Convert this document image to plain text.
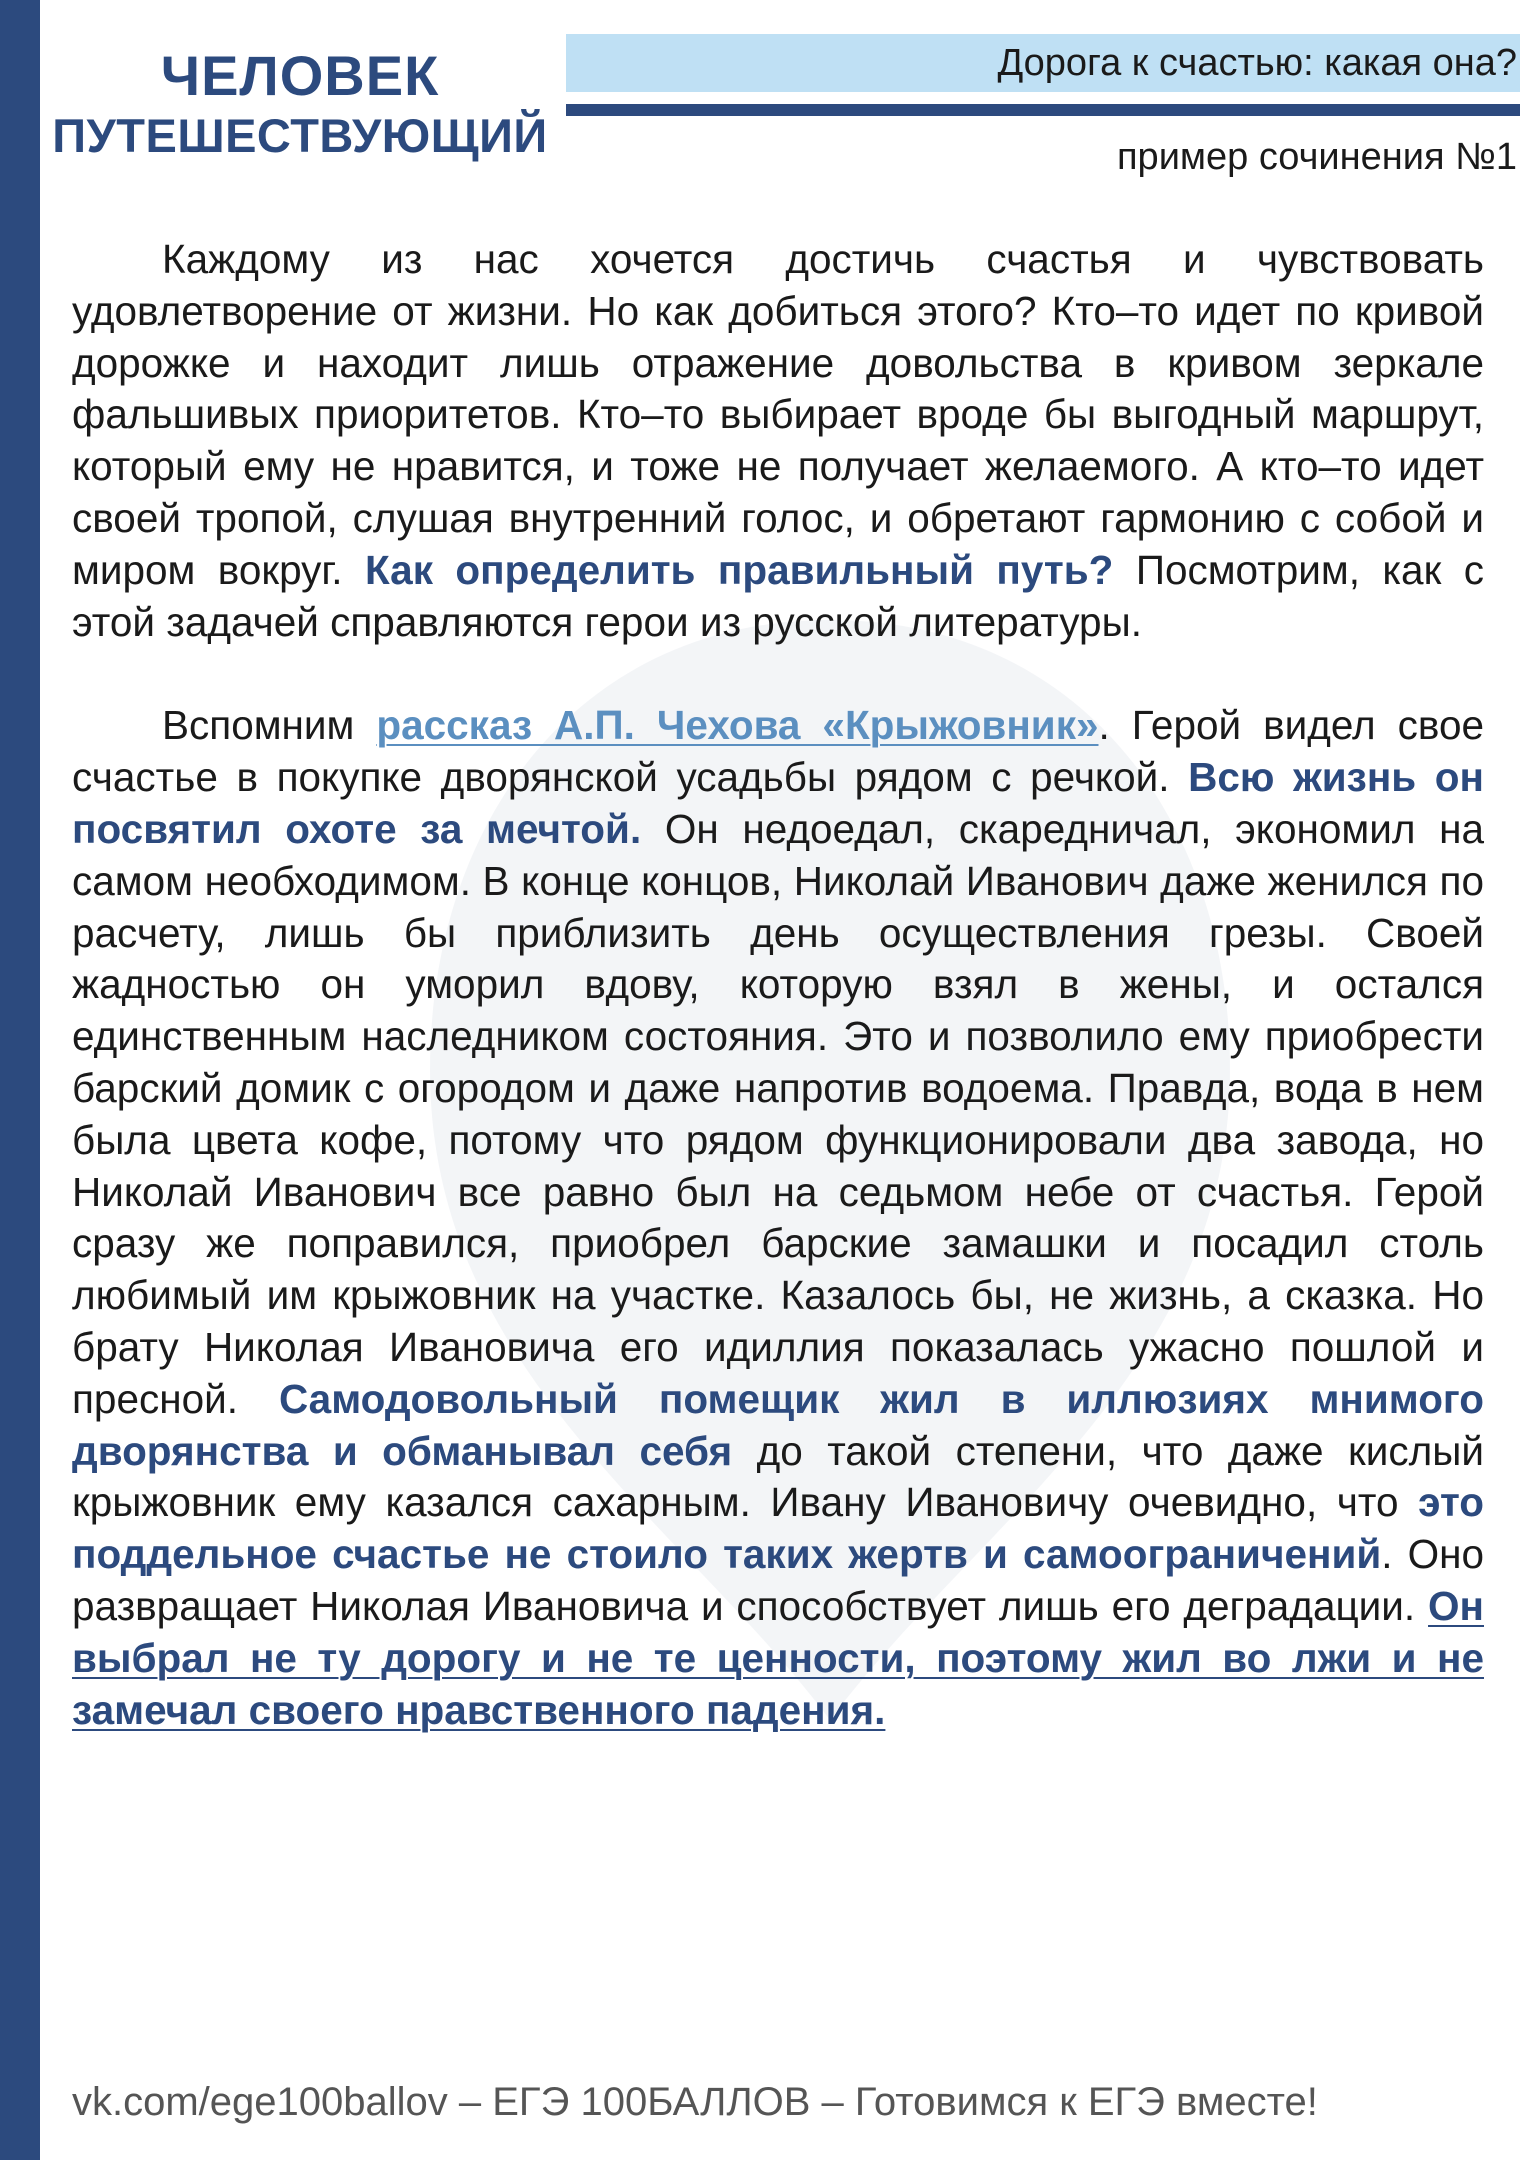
ЧЕЛОВЕК
ПУТЕШЕСТВУЮЩИЙ
Дорога к счастью: какая она?
пример сочинения №1

Каждому из нас хочется достичь счастья и чувствовать удовлетворение от жизни. Но как добиться этого? Кто–то идет по кривой дорожке и находит лишь отражение довольства в кривом зеркале фальшивых приоритетов. Кто–то выбирает вроде бы выгодный маршрут, который ему не нравится, и тоже не получает желаемого. А кто–то идет своей тропой, слушая внутренний голос, и обретают гармонию с собой и миром вокруг. Как определить правильный путь? Посмотрим, как с этой задачей справляются герои из русской литературы.

Вспомним рассказ А.П. Чехова «Крыжовник». Герой видел свое счастье в покупке дворянской усадьбы рядом с речкой. Всю жизнь он посвятил охоте за мечтой. Он недоедал, скаредничал, экономил на самом необходимом. В конце концов, Николай Иванович даже женился по расчету, лишь бы приблизить день осуществления грезы. Своей жадностью он уморил вдову, которую взял в жены, и остался единственным наследником состояния. Это и позволило ему приобрести барский домик с огородом и даже напротив водоема. Правда, вода в нем была цвета кофе, потому что рядом функционировали два завода, но Николай Иванович все равно был на седьмом небе от счастья. Герой сразу же поправился, приобрел барские замашки и посадил столь любимый им крыжовник на участке. Казалось бы, не жизнь, а сказка. Но брату Николая Ивановича его идиллия показалась ужасно пошлой и пресной. Самодовольный помещик жил в иллюзиях мнимого дворянства и обманывал себя до такой степени, что даже кислый крыжовник ему казался сахарным. Ивану Ивановичу очевидно, что это поддельное счастье не стоило таких жертв и самоограничений. Оно развращает Николая Ивановича и способствует лишь его деградации. Он выбрал не ту дорогу и не те ценности, поэтому жил во лжи и не замечал своего нравственного падения.

vk.com/ege100ballov – ЕГЭ 100БАЛЛОВ – Готовимся к ЕГЭ вместе!
